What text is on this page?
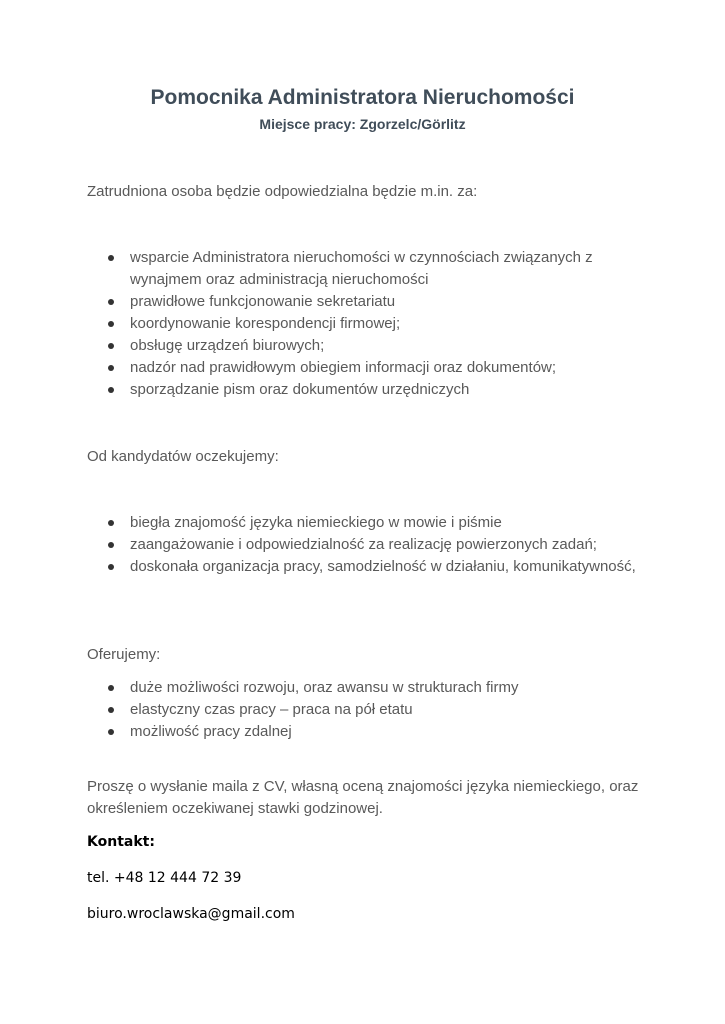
Pomocnika Administratora Nieruchomości

Miejsce pracy: Zgorzelc/Görlitz

Zatrudniona osoba będzie odpowiedzialna będzie m.in. za:

wsparcie Administratora nieruchomości w czynnościach związanych z wynajmem oraz administracją nieruchomości
prawidłowe funkcjonowanie sekretariatu
koordynowanie korespondencji firmowej;
obsługę urządzeń biurowych;
nadzór nad prawidłowym obiegiem informacji oraz dokumentów;
sporządzanie pism oraz dokumentów urzędniczych

Od kandydatów oczekujemy:

biegła znajomość języka niemieckiego w mowie i piśmie
zaangażowanie i odpowiedzialność za realizację powierzonych zadań;
doskonała organizacja pracy, samodzielność w działaniu, komunikatywność,

Oferujemy:

duże możliwości rozwoju, oraz awansu w strukturach firmy
elastyczny czas pracy – praca na pół etatu
możliwość pracy zdalnej

Proszę o wysłanie maila z CV, własną oceną znajomości języka niemieckiego, oraz określeniem oczekiwanej stawki godzinowej.

Kontakt:

tel. +48 12 444 72 39

biuro.wroclawska@gmail.com
